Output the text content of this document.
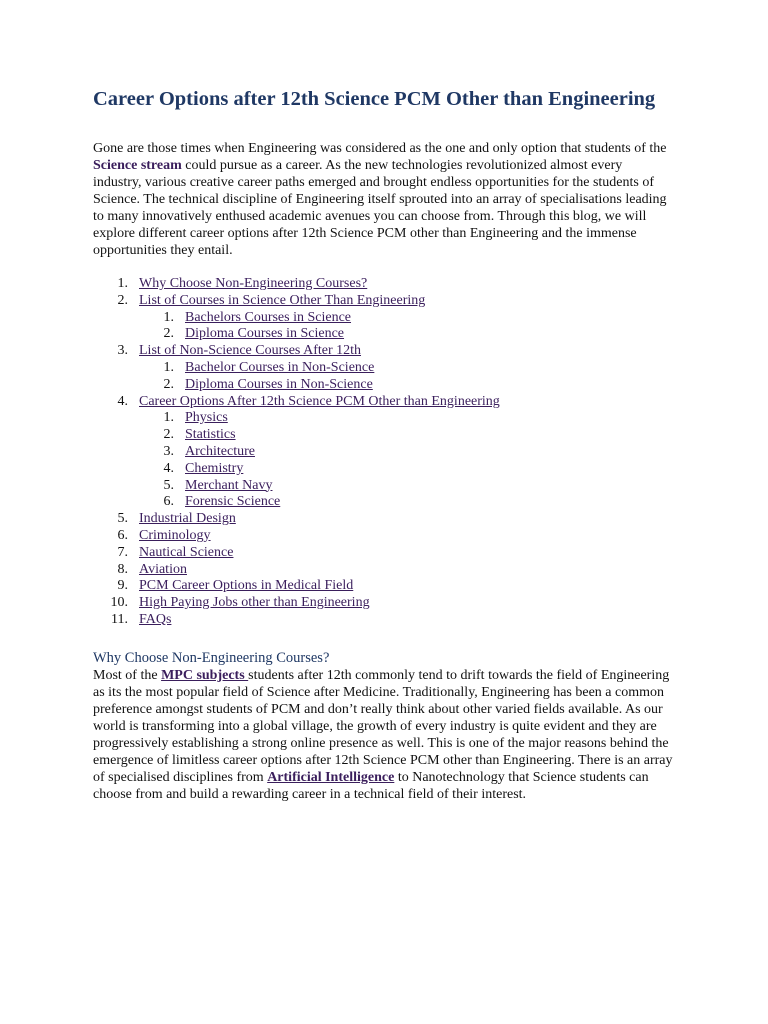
Career Options after 12th Science PCM Other than Engineering

Gone are those times when Engineering was considered as the one and only option that students of the Science stream could pursue as a career. As the new technologies revolutionized almost every industry, various creative career paths emerged and brought endless opportunities for the students of Science. The technical discipline of Engineering itself sprouted into an array of specialisations leading to many innovatively enthused academic avenues you can choose from. Through this blog, we will explore different career options after 12th Science PCM other than Engineering and the immense opportunities they entail.

1. Why Choose Non-Engineering Courses?
2. List of Courses in Science Other Than Engineering
1. Bachelors Courses in Science
2. Diploma Courses in Science
3. List of Non-Science Courses After 12th
1. Bachelor Courses in Non-Science
2. Diploma Courses in Non-Science
4. Career Options After 12th Science PCM Other than Engineering
1. Physics
2. Statistics
3. Architecture
4. Chemistry
5. Merchant Navy
6. Forensic Science
5. Industrial Design
6. Criminology
7. Nautical Science
8. Aviation
9. PCM Career Options in Medical Field
10. High Paying Jobs other than Engineering
11. FAQs
Why Choose Non-Engineering Courses?

Most of the MPC subjects students after 12th commonly tend to drift towards the field of Engineering as its the most popular field of Science after Medicine. Traditionally, Engineering has been a common preference amongst students of PCM and don’t really think about other varied fields available. As our world is transforming into a global village, the growth of every industry is quite evident and they are progressively establishing a strong online presence as well. This is one of the major reasons behind the emergence of limitless career options after 12th Science PCM other than Engineering. There is an array of specialised disciplines from Artificial Intelligence to Nanotechnology that Science students can choose from and build a rewarding career in a technical field of their interest.
